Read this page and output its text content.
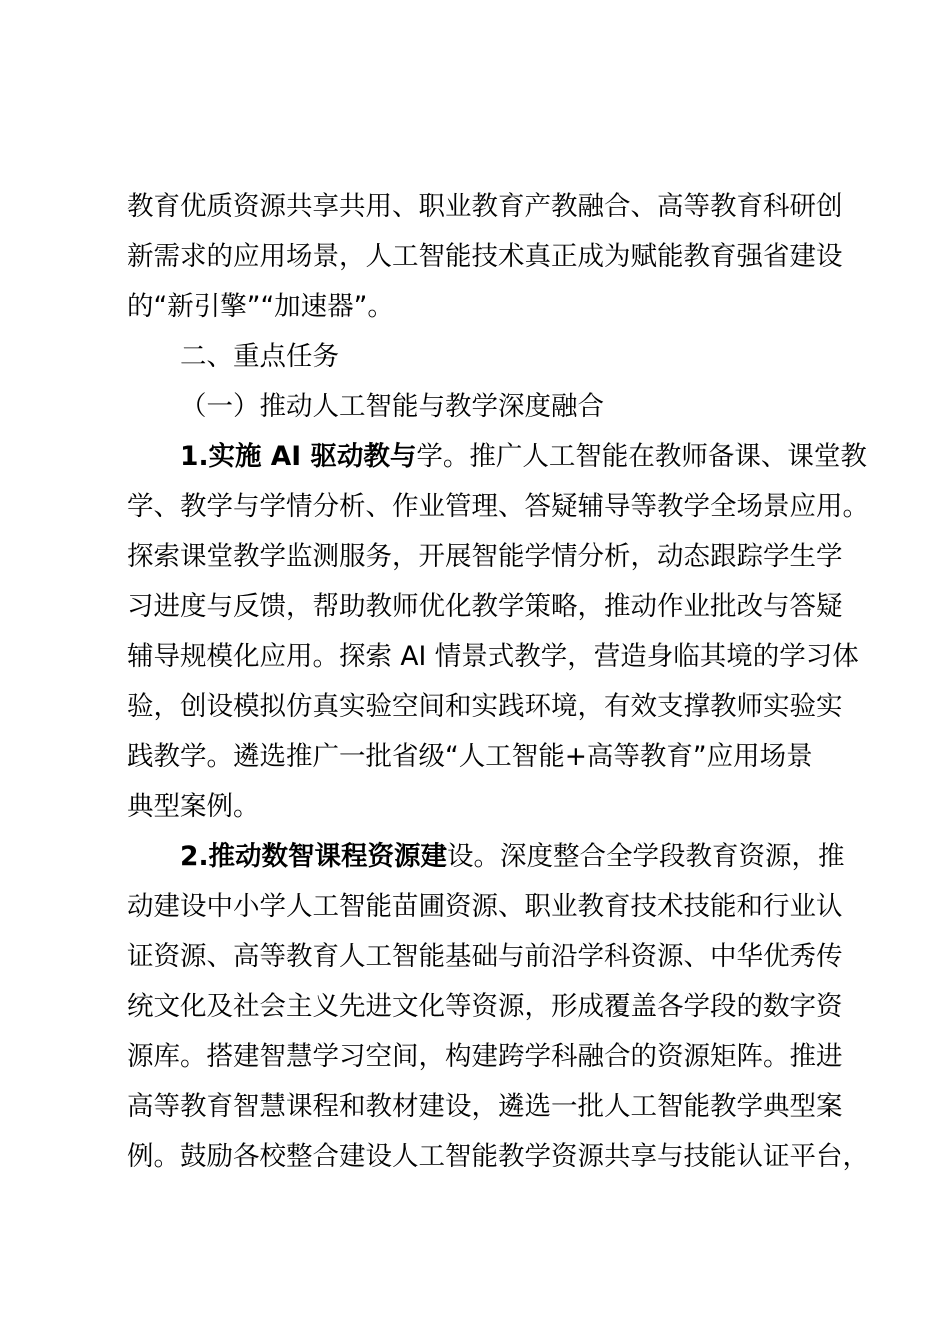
教育优质资源共享共用、职业教育产教融合、高等教育科研创
新需求的应用场景，人工智能技术真正成为赋能教育强省建设
的“新引擎”“加速器”。
二、重点任务
（一）推动人工智能与教学深度融合
1.实施 AI 驱动教与学。推广人工智能在教师备课、课堂教
学、教学与学情分析、作业管理、答疑辅导等教学全场景应用。
探索课堂教学监测服务，开展智能学情分析，动态跟踪学生学
习进度与反馈，帮助教师优化教学策略，推动作业批改与答疑
辅导规模化应用。探索 AI 情景式教学，营造身临其境的学习体
验，创设模拟仿真实验空间和实践环境，有效支撑教师实验实
践教学。遴选推广一批省级“人工智能+高等教育”应用场景
典型案例。
2.推动数智课程资源建设。深度整合全学段教育资源，推
动建设中小学人工智能苗圃资源、职业教育技术技能和行业认
证资源、高等教育人工智能基础与前沿学科资源、中华优秀传
统文化及社会主义先进文化等资源，形成覆盖各学段的数字资
源库。搭建智慧学习空间，构建跨学科融合的资源矩阵。推进
高等教育智慧课程和教材建设，遴选一批人工智能教学典型案
例。鼓励各校整合建设人工智能教学资源共享与技能认证平台，
